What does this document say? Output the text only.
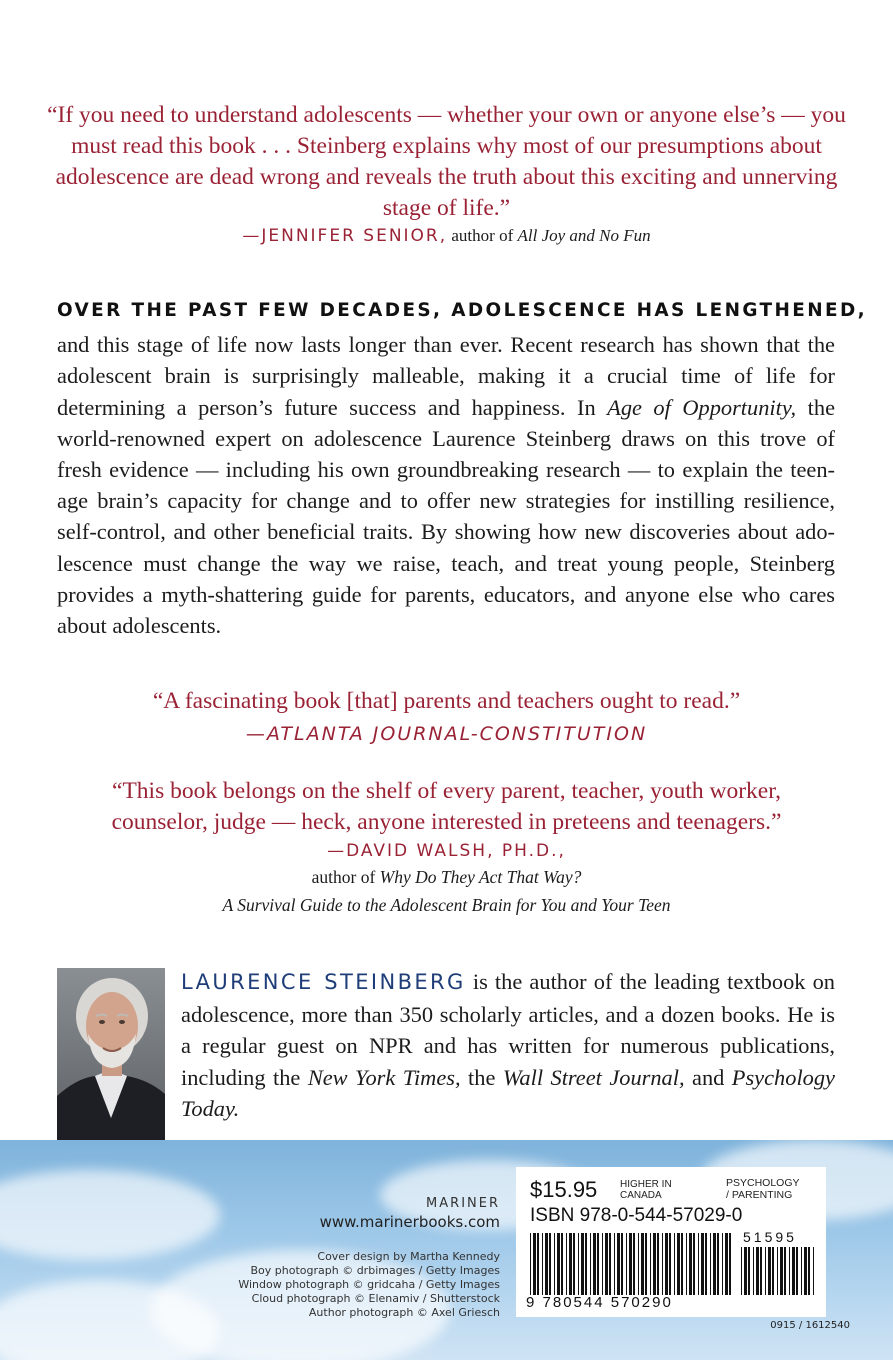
“If you need to understand adolescents — whether your own or anyone else’s — you must read this book . . . Steinberg explains why most of our presumptions about adolescence are dead wrong and reveals the truth about this exciting and unnerving stage of life.”
—JENNIFER SENIOR, author of All Joy and No Fun
OVER THE PAST FEW DECADES, ADOLESCENCE HAS LENGTHENED,
and this stage of life now lasts longer than ever. Recent research has shown that the adolescent brain is surprisingly malleable, making it a crucial time of life for determining a person’s future success and happiness. In Age of Opportunity, the world-renowned expert on adolescence Laurence Steinberg draws on this trove of fresh evidence — including his own groundbreaking research — to explain the teenage brain’s capacity for change and to offer new strategies for instilling resilience, self-control, and other beneficial traits. By showing how new discoveries about adolescence must change the way we raise, teach, and treat young people, Steinberg provides a myth-shattering guide for parents, educators, and anyone else who cares about adolescents.
“A fascinating book [that] parents and teachers ought to read.”
—ATLANTA JOURNAL-CONSTITUTION
“This book belongs on the shelf of every parent, teacher, youth worker,
counselor, judge — heck, anyone interested in preteens and teenagers.”
—DAVID WALSH, PH.D.,
author of Why Do They Act That Way?
A Survival Guide to the Adolescent Brain for You and Your Teen
LAURENCE STEINBERG is the author of the leading textbook on adolescence, more than 350 scholarly articles, and a dozen books. He is a regular guest on NPR and has written for numerous publications, including the New York Times, the Wall Street Journal, and Psychology Today.
MARINER
www.marinerbooks.com
Cover design by Martha Kennedy
Boy photograph © drbimages / Getty Images
Window photograph © gridcaha / Getty Images
Cloud photograph © Elenamiv / Shutterstock
Author photograph © Axel Griesch
$15.95 HIGHER IN
CANADA
PSYCHOLOGY
/ PARENTING
ISBN 978-0-544-57029-0
51595
9 780544 570290
0915 / 1612540
